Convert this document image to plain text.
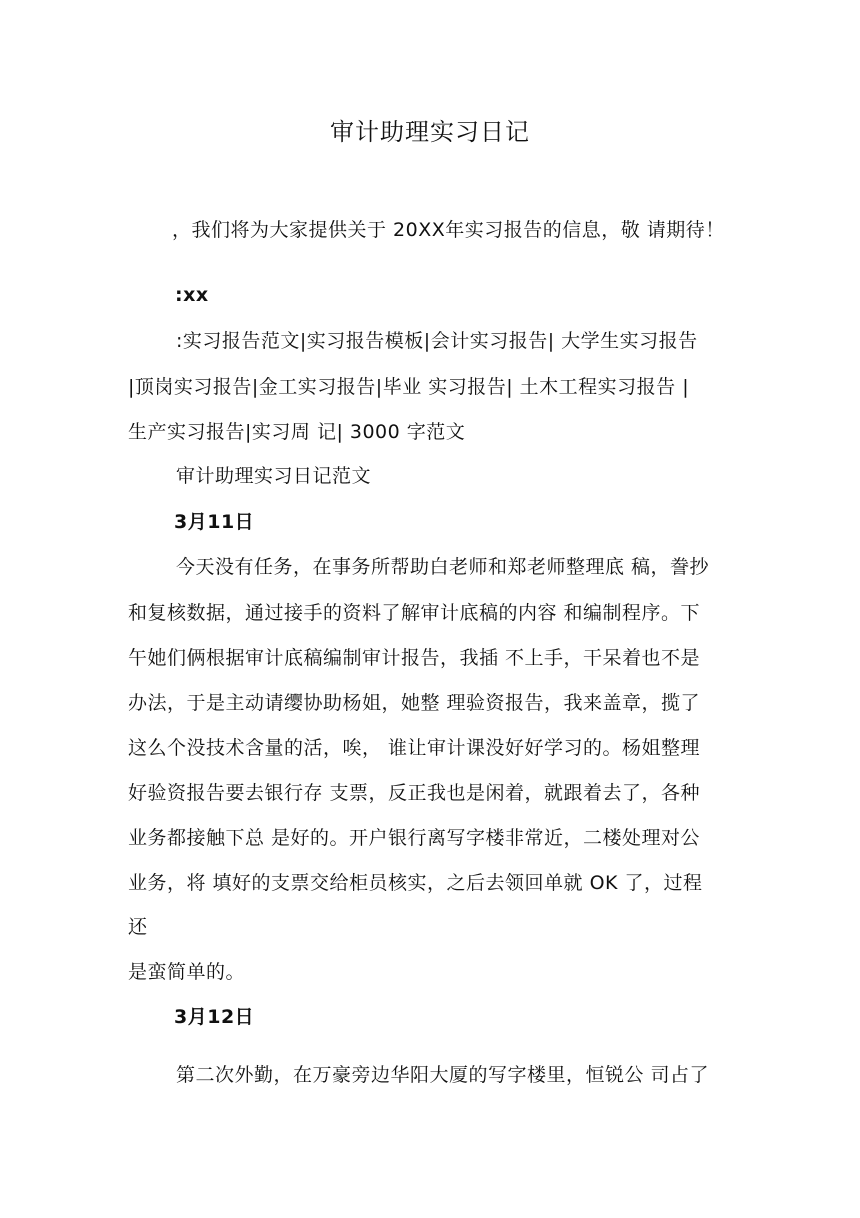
审计助理实习日记
，我们将为大家提供关于 20XX年实习报告的信息，敬 请期待！
:xx
:实习报告范文|实习报告模板|会计实习报告| 大学生实习报告
|顶岗实习报告|金工实习报告|毕业 实习报告| 土木工程实习报告 |
生产实习报告|实习周 记| 3000 字范文
审计助理实习日记范文
3月11日
今天没有任务，在事务所帮助白老师和郑老师整理底 稿，誊抄
和复核数据，通过接手的资料了解审计底稿的内容 和编制程序。下
午她们俩根据审计底稿编制审计报告，我插 不上手，干呆着也不是
办法，于是主动请缨协助杨姐，她整 理验资报告，我来盖章，揽了
这么个没技术含量的活，唉， 谁让审计课没好好学习的。杨姐整理
好验资报告要去银行存 支票，反正我也是闲着，就跟着去了，各种
业务都接触下总 是好的。开户银行离写字楼非常近，二楼处理对公
业务，将 填好的支票交给柜员核实，之后去领回单就 OK 了，过程
还
是蛮简单的。
3月12日
第二次外勤，在万豪旁边华阳大厦的写字楼里，恒锐公 司占了
